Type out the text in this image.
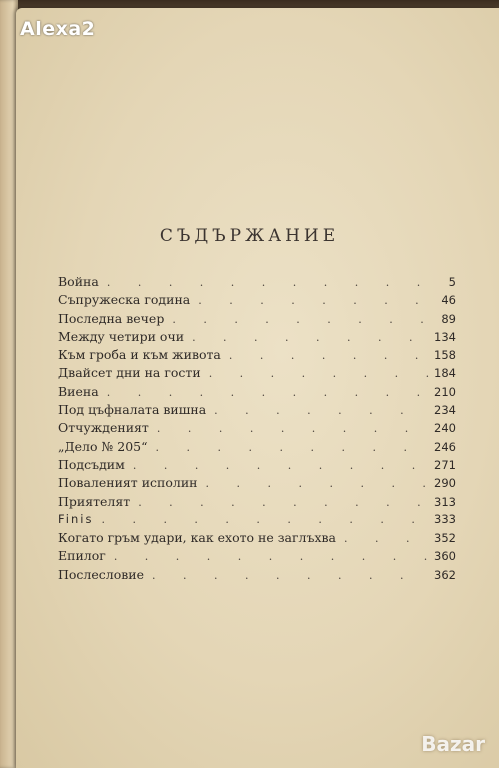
Alexa2
Bazar
СЪДЪРЖАНИЕ
Война . . .	5
Съпружеска година . . .	46
Последна вечер . . .	89
Между четири очи . . .	134
Към гроба и към живота . . .	158
Двайсет дни на гости . . .	184
Виена . . .	210
Под цъфналата вишна . . .	234
Отчужденият . . .	240
„Дело № 205“ . . .	246
Подсъдим . . .	271
Поваленият исполин . . .	290
Приятелят . . .	313
Finis . . .	333
Когато гръм удари, как ехото не заглъхва . . .	352
Епилог . . .	360
Послесловие . . .	362
